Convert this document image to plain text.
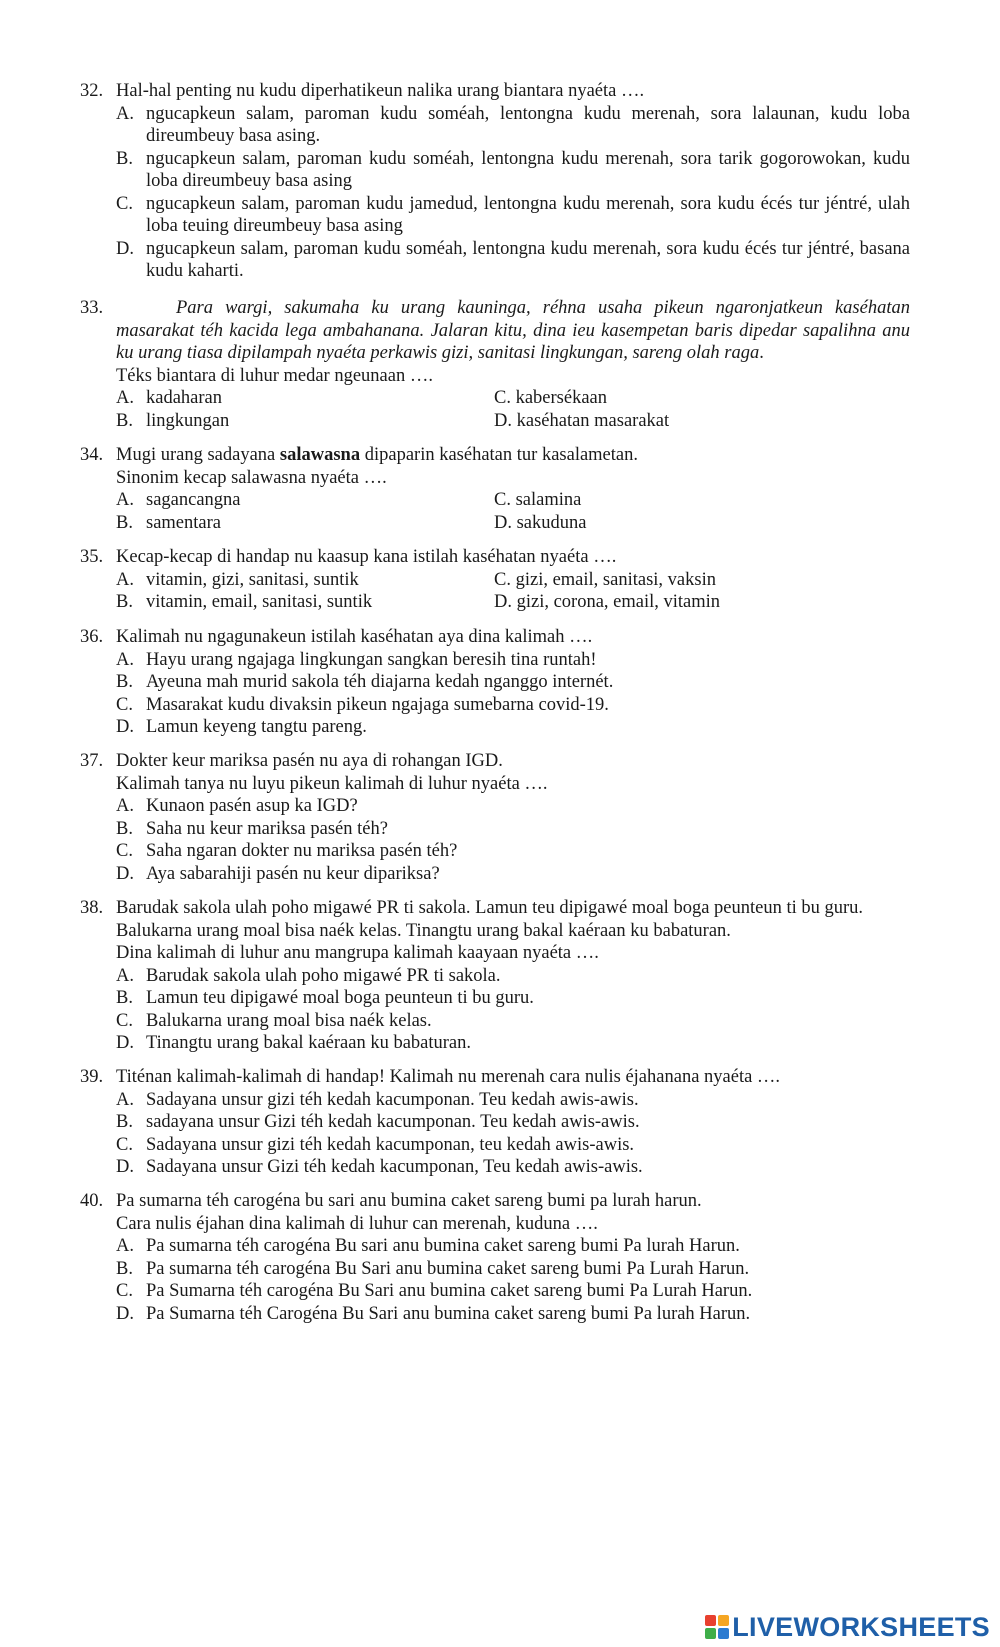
32. Hal-hal penting nu kudu diperhatikeun nalika urang biantara nyaéta ….
A. ngucapkeun salam, paroman kudu soméah, lentongna kudu merenah, sora lalaunan, kudu loba direumbeuy basa asing.
B. ngucapkeun salam, paroman kudu soméah, lentongna kudu merenah, sora tarik gogorowokan, kudu loba direumbeuy basa asing
C. ngucapkeun salam, paroman kudu jamedud, lentongna kudu merenah, sora kudu écés tur jéntré, ulah loba teuing direumbeuy basa asing
D. ngucapkeun salam, paroman kudu soméah, lentongna kudu merenah, sora kudu écés tur jéntré, basana kudu kaharti.
33.	Para wargi, sakumaha ku urang kauninga, réhna usaha pikeun ngaronjatkeun kaséhatan masarakat téh kacida lega ambahanana. Jalaran kitu, dina ieu kasempetan baris dipedar sapalihna anu ku urang tiasa dipilampah nyaéta perkawis gizi, sanitasi lingkungan, sareng olah raga.
Téks biantara di luhur medar ngeunaan ….
A. kadaharan	C. kabersékaan
B. lingkungan	D. kaséhatan masarakat
34. Mugi urang sadayana salawasna dipaparin kaséhatan tur kasalametan.
Sinonim kecap salawasna nyaéta ….
A. sagancangna	C. salamina
B. samentara	D. sakuduna
35. Kecap-kecap di handap nu kaasup kana istilah kaséhatan nyaéta ….
A. vitamin, gizi, sanitasi, suntik	C. gizi, email, sanitasi, vaksin
B. vitamin, email, sanitasi, suntik	D. gizi, corona, email, vitamin
36. Kalimah nu ngagunakeun istilah kaséhatan aya dina kalimah ….
A. Hayu urang ngajaga lingkungan sangkan beresih tina runtah!
B. Ayeuna mah murid sakola téh diajarna kedah nganggo internét.
C. Masarakat kudu divaksin pikeun ngajaga sumebarna covid-19.
D. Lamun keyeng tangtu pareng.
37. Dokter keur mariksa pasén nu aya di rohangan IGD.
Kalimah tanya nu luyu pikeun kalimah di luhur nyaéta ….
A. Kunaon pasén asup ka IGD?
B. Saha nu keur mariksa pasén téh?
C. Saha ngaran dokter nu mariksa pasén téh?
D. Aya sabarahiji pasén nu keur dipariksa?
38. Barudak sakola ulah poho migawé PR ti sakola. Lamun teu dipigawé moal boga peunteun ti bu guru.
Balukarna urang moal bisa naék kelas. Tinangtu urang bakal kaéraan ku babaturan.
Dina kalimah di luhur anu mangrupa kalimah kaayaan nyaéta ….
A. Barudak sakola ulah poho migawé PR ti sakola.
B. Lamun teu dipigawé moal boga peunteun ti bu guru.
C. Balukarna urang moal bisa naék kelas.
D. Tinangtu urang bakal kaéraan ku babaturan.
39. Titénan kalimah-kalimah di handap! Kalimah nu merenah cara nulis éjahanana nyaéta ….
A. Sadayana unsur gizi téh kedah kacumponan. Teu kedah awis-awis.
B. sadayana unsur Gizi téh kedah kacumponan. Teu kedah awis-awis.
C. Sadayana unsur gizi téh kedah kacumponan, teu kedah awis-awis.
D. Sadayana unsur Gizi téh kedah kacumponan, Teu kedah awis-awis.
40. Pa sumarna téh carogéna bu sari anu bumina caket sareng bumi pa lurah harun.
Cara nulis éjahan dina kalimah di luhur can merenah, kuduna ….
A. Pa sumarna téh carogéna Bu sari anu bumina caket sareng bumi Pa lurah Harun.
B. Pa sumarna téh carogéna Bu Sari anu bumina caket sareng bumi Pa Lurah Harun.
C. Pa Sumarna téh carogéna Bu Sari anu bumina caket sareng bumi Pa Lurah Harun.
D. Pa Sumarna téh Carogéna Bu Sari anu bumina caket sareng bumi Pa lurah Harun.
LIVEWORKSHEETS
